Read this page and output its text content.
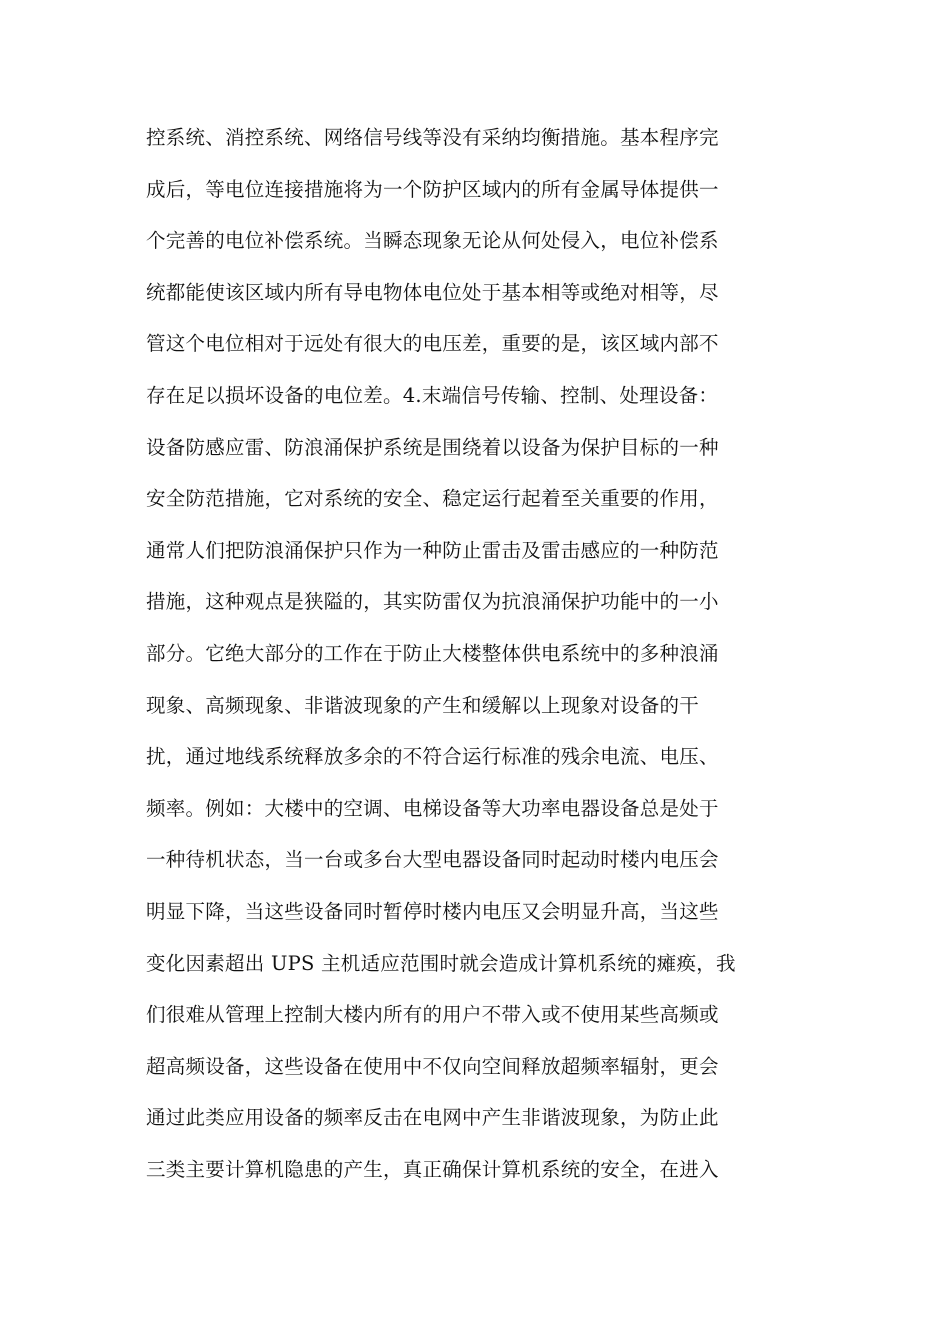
控系统、消控系统、网络信号线等没有采纳均衡措施。基本程序完
成后，等电位连接措施将为一个防护区域内的所有金属导体提供一
个完善的电位补偿系统。当瞬态现象无论从何处侵入，电位补偿系
统都能使该区域内所有导电物体电位处于基本相等或绝对相等，尽
管这个电位相对于远处有很大的电压差，重要的是，该区域内部不
存在足以损坏设备的电位差。4.末端信号传输、控制、处理设备：
设备防感应雷、防浪涌保护系统是围绕着以设备为保护目标的一种
安全防范措施，它对系统的安全、稳定运行起着至关重要的作用，
通常人们把防浪涌保护只作为一种防止雷击及雷击感应的一种防范
措施，这种观点是狭隘的，其实防雷仅为抗浪涌保护功能中的一小
部分。它绝大部分的工作在于防止大楼整体供电系统中的多种浪涌
现象、高频现象、非谐波现象的产生和缓解以上现象对设备的干
扰，通过地线系统释放多余的不符合运行标准的残余电流、电压、
频率。例如：大楼中的空调、电梯设备等大功率电器设备总是处于
一种待机状态，当一台或多台大型电器设备同时起动时楼内电压会
明显下降，当这些设备同时暂停时楼内电压又会明显升高，当这些
变化因素超出 UPS 主机适应范围时就会造成计算机系统的瘫痪，我
们很难从管理上控制大楼内所有的用户不带入或不使用某些高频或
超高频设备，这些设备在使用中不仅向空间释放超频率辐射，更会
通过此类应用设备的频率反击在电网中产生非谐波现象，为防止此
三类主要计算机隐患的产生，真正确保计算机系统的安全，在进入
